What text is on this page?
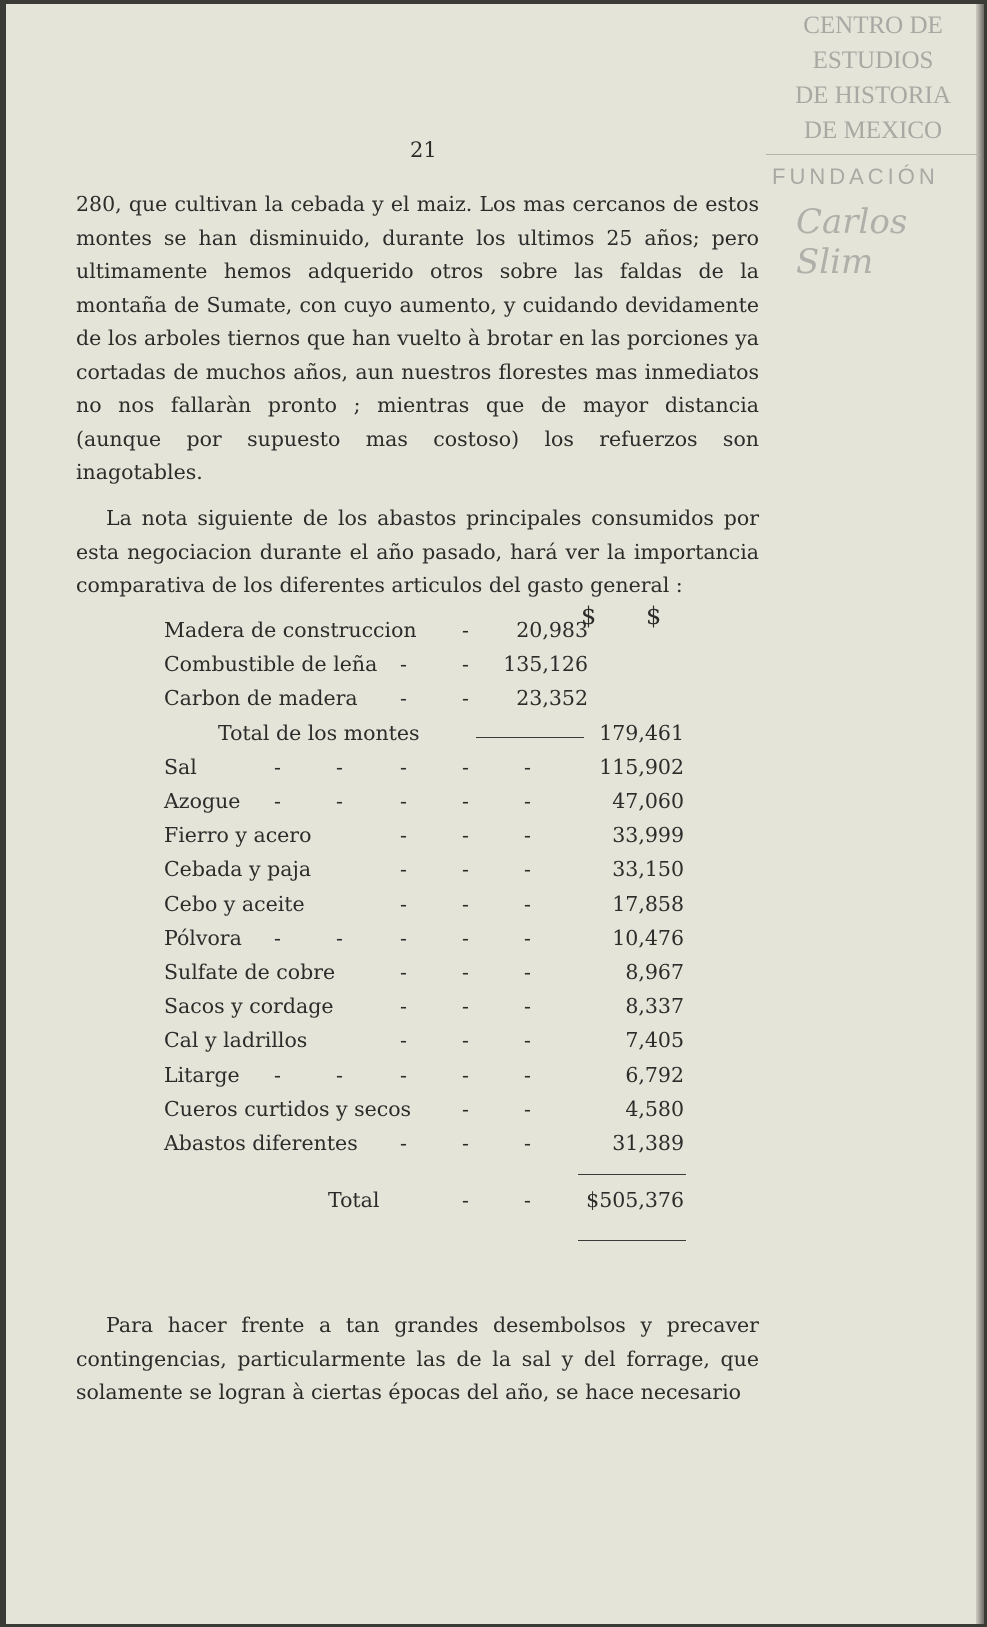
CENTRO DE
ESTUDIOS
DE HISTORIA
DE MEXICO
FUNDACIÓN
Carlos Slim
21
280, que cultivan la cebada y el maiz. Los mas cercanos de estos montes se han disminuido, durante los ultimos 25 años; pero ultimamente hemos adquerido otros sobre las faldas de la montaña de Sumate, con cuyo aumento, y cuidando devidamente de los arboles tiernos que han vuelto à brotar en las porciones ya cortadas de muchos años, aun nuestros florestes mas inmediatos no nos fallaràn pronto ; mientras que de mayor distancia (aunque por supuesto mas costoso) los refuerzos son inagotables.
La nota siguiente de los abastos principales consumidos por esta negociacion durante el año pasado, hará ver la importancia comparativa de los diferentes articulos del gasto general :
$ $
Madera de construccion -	20,983
Combustible de leña -	-	135,126
Carbon de madera -	-	23,352
Total de los montes	179,461
Sal	-	-	-	-	-	115,902
Azogue -	-	-	-	-	47,060
Fierro y acero	-	-	-	33,999
Cebada y paja	-	-	-	33,150
Cebo y aceite	-	-	-	17,858
Pólvora -	-	-	-	-	10,476
Sulfate de cobre	-	-	-	8,967
Sacos y cordage	-	-	-	8,337
Cal y ladrillos	-	-	-	7,405
Litarge -	-	-	-	-	6,792
Cueros curtidos y secos -	-	4,580
Abastos diferentes -	-	-	31,389
Total	-	-	$505,376
Para hacer frente a tan grandes desembolsos y precaver contingencias, particularmente las de la sal y del forrage, que solamente se logran à ciertas épocas del año, se hace necesario
